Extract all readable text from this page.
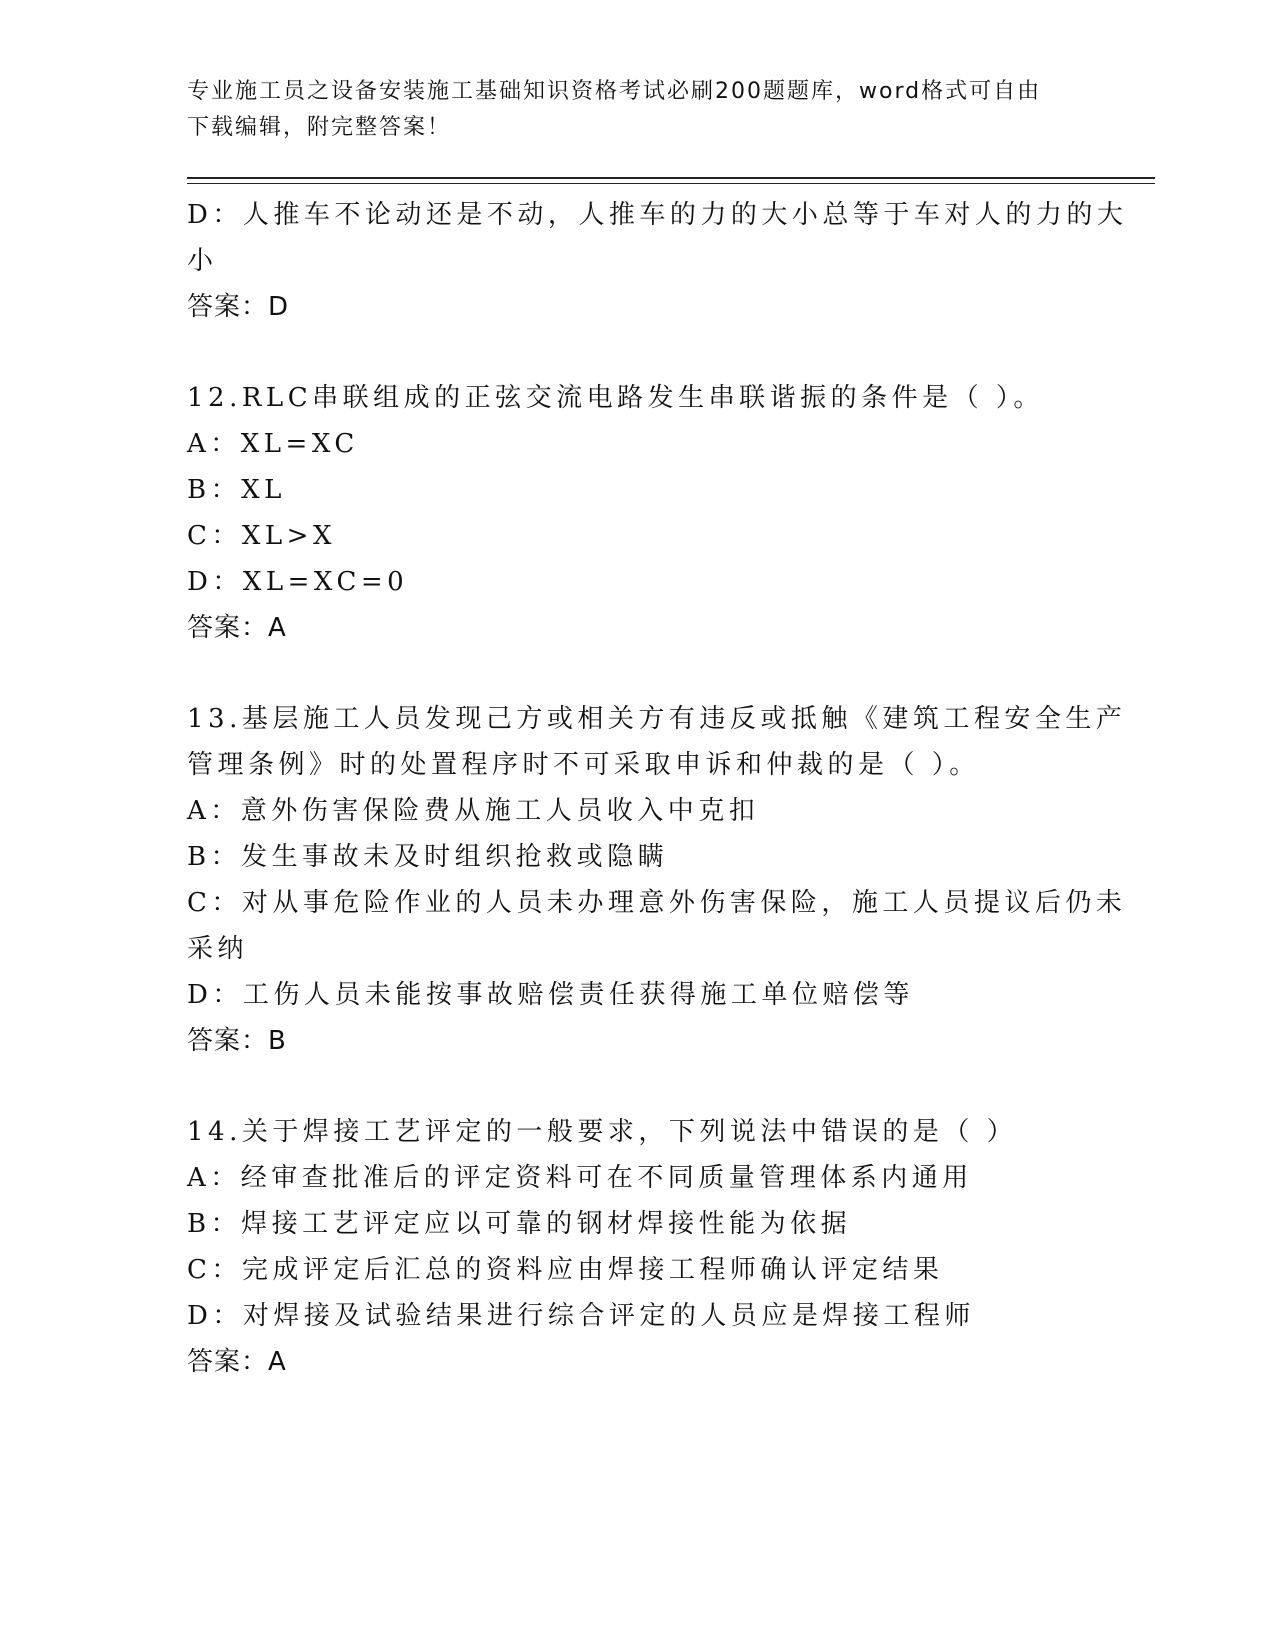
专业施工员之设备安装施工基础知识资格考试必刷200题题库，word格式可自由
下载编辑，附完整答案！
D：人推车不论动还是不动，人推车的力的大小总等于车对人的力的大
小
答案：D
12.RLC串联组成的正弦交流电路发生串联谐振的条件是（ ）。
A：XL=XC
B：XL
C：XL>X
D：XL=XC=0
答案：A
13.基层施工人员发现己方或相关方有违反或抵触《建筑工程安全生产
管理条例》时的处置程序时不可采取申诉和仲裁的是（ ）。
A：意外伤害保险费从施工人员收入中克扣
B：发生事故未及时组织抢救或隐瞒
C：对从事危险作业的人员未办理意外伤害保险，施工人员提议后仍未
采纳
D：工伤人员未能按事故赔偿责任获得施工单位赔偿等
答案：B
14.关于焊接工艺评定的一般要求，下列说法中错误的是（ ）
A：经审查批准后的评定资料可在不同质量管理体系内通用
B：焊接工艺评定应以可靠的钢材焊接性能为依据
C：完成评定后汇总的资料应由焊接工程师确认评定结果
D：对焊接及试验结果进行综合评定的人员应是焊接工程师
答案：A
